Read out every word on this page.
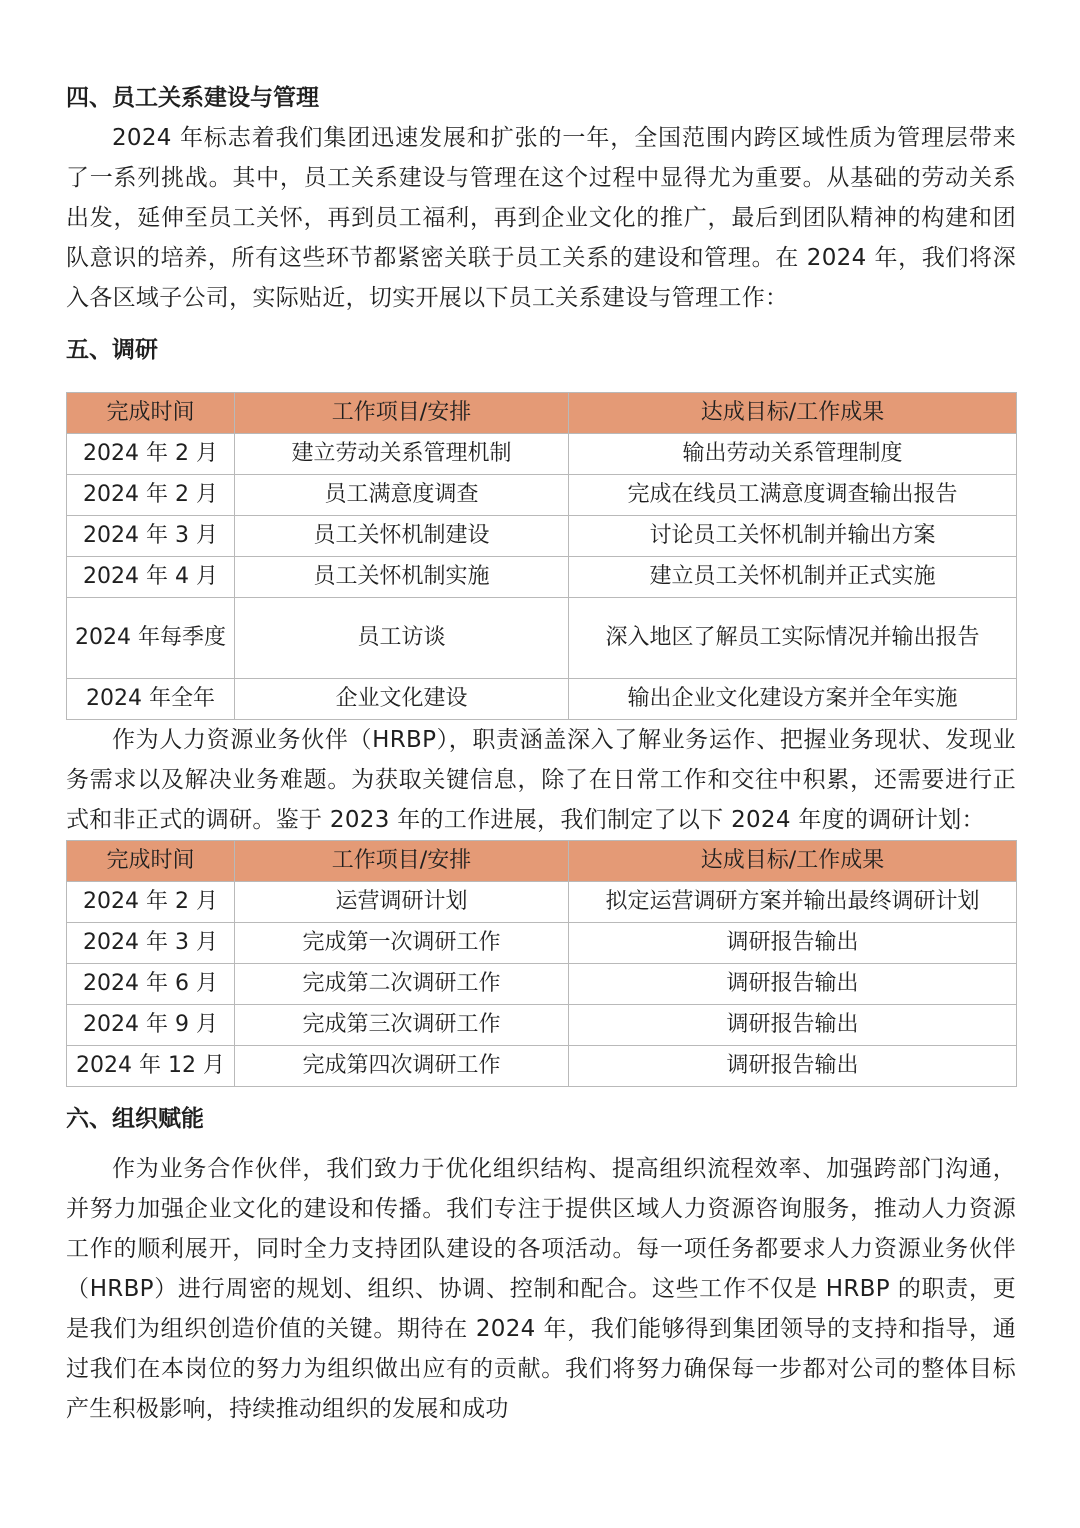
四、员工关系建设与管理

2024 年标志着我们集团迅速发展和扩张的一年，全国范围内跨区域性质为管理层带来了一系列挑战。其中，员工关系建设与管理在这个过程中显得尤为重要。从基础的劳动关系出发，延伸至员工关怀，再到员工福利，再到企业文化的推广，最后到团队精神的构建和团队意识的培养，所有这些环节都紧密关联于员工关系的建设和管理。在 2024 年，我们将深入各区域子公司，实际贴近，切实开展以下员工关系建设与管理工作：

五、调研
完成时间	工作项目/安排	达成目标/工作成果
2024 年 2 月	建立劳动关系管理机制	输出劳动关系管理制度
2024 年 2 月	员工满意度调查	完成在线员工满意度调查输出报告
2024 年 3 月	员工关怀机制建设	讨论员工关怀机制并输出方案
2024 年 4 月	员工关怀机制实施	建立员工关怀机制并正式实施
2024 年每季度	员工访谈	深入地区了解员工实际情况并输出报告
2024 年全年	企业文化建设	输出企业文化建设方案并全年实施

作为人力资源业务伙伴（HRBP），职责涵盖深入了解业务运作、把握业务现状、发现业务需求以及解决业务难题。为获取关键信息，除了在日常工作和交往中积累，还需要进行正式和非正式的调研。鉴于 2023 年的工作进展，我们制定了以下 2024 年度的调研计划：

完成时间	工作项目/安排	达成目标/工作成果
2024 年 2 月	运营调研计划	拟定运营调研方案并输出最终调研计划
2024 年 3 月	完成第一次调研工作	调研报告输出
2024 年 6 月	完成第二次调研工作	调研报告输出
2024 年 9 月	完成第三次调研工作	调研报告输出
2024 年 12 月	完成第四次调研工作	调研报告输出
六、组织赋能

作为业务合作伙伴，我们致力于优化组织结构、提高组织流程效率、加强跨部门沟通，并努力加强企业文化的建设和传播。我们专注于提供区域人力资源咨询服务，推动人力资源工作的顺利展开，同时全力支持团队建设的各项活动。每一项任务都要求人力资源业务伙伴（HRBP）进行周密的规划、组织、协调、控制和配合。这些工作不仅是 HRBP 的职责，更是我们为组织创造价值的关键。期待在 2024 年，我们能够得到集团领导的支持和指导，通过我们在本岗位的努力为组织做出应有的贡献。我们将努力确保每一步都对公司的整体目标产生积极影响，持续推动组织的发展和成功
